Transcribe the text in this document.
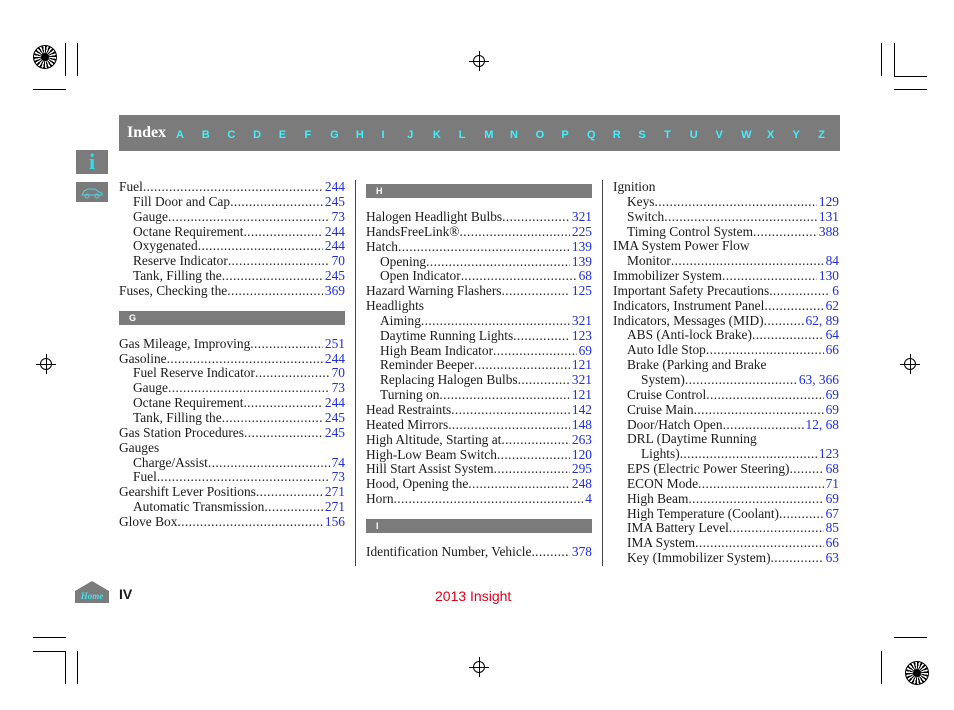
Index A	B	C	D	E	F	G	H	I	J	K	L	M	N	O	P	Q	R	S	T	U	V	W	X	Y	Z
i
Fuel .....	244
Fill Door and Cap .....	245
Gauge .....	73
Octane Requirement .....	244
Oxygenated .....	244
Reserve Indicator .....	70
Tank, Filling the .....	245
Fuses, Checking the .....	369
G
Gas Mileage, Improving .....	251
Gasoline .....	244
Fuel Reserve Indicator .....	70
Gauge .....	73
Octane Requirement .....	244
Tank, Filling the .....	245
Gas Station Procedures .....	245
Gauges
Charge/Assist .....	74
Fuel .....	73
Gearshift Lever Positions .....	271
Automatic Transmission .....	271
Glove Box .....	156
H
Halogen Headlight Bulbs .....	321
HandsFreeLink® .....	225
Hatch .....	139
Opening .....	139
Open Indicator .....	68
Hazard Warning Flashers .....	125
Headlights
Aiming .....	321
Daytime Running Lights .....	123
High Beam Indicator .....	69
Reminder Beeper .....	121
Replacing Halogen Bulbs .....	321
Turning on .....	121
Head Restraints .....	142
Heated Mirrors .....	148
High Altitude, Starting at .....	263
High-Low Beam Switch .....	120
Hill Start Assist System .....	295
Hood, Opening the .....	248
Horn .....	4
I
Identification Number, Vehicle .....	378
Ignition
Keys .....	129
Switch .....	131
Timing Control System .....	388
IMA System Power Flow
Monitor .....	84
Immobilizer System .....	130
Important Safety Precautions .....	6
Indicators, Instrument Panel .....	62
Indicators, Messages (MID) .....	62, 89
ABS (Anti-lock Brake) .....	64
Auto Idle Stop .....	66
Brake (Parking and Brake
System) .....	63, 366
Cruise Control .....	69
Cruise Main .....	69
Door/Hatch Open .....	12, 68
DRL (Daytime Running
Lights) .....	123
EPS (Electric Power Steering) .....	68
ECON Mode .....	71
High Beam .....	69
High Temperature (Coolant) .....	67
IMA Battery Level .....	85
IMA System .....	66
Key (Immobilizer System) .....	63
Home IV	2013 Insight
